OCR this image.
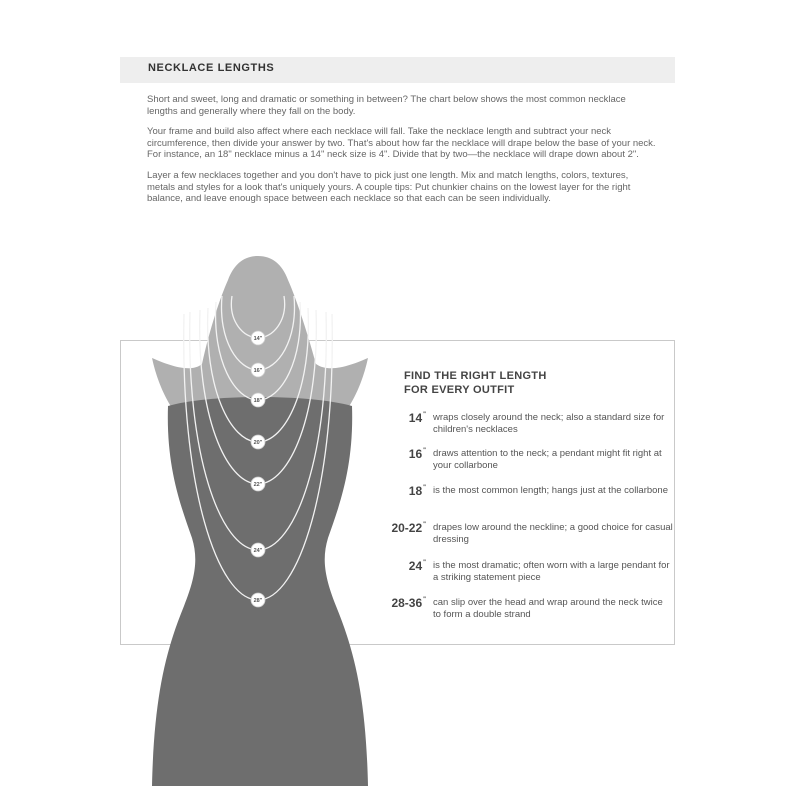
NECKLACE LENGTHS

Short and sweet, long and dramatic or something in between? The chart below shows the most common necklace lengths and generally where they fall on the body.

Your frame and build also affect where each necklace will fall. Take the necklace length and subtract your neck circumference, then divide your answer by two. That's about how far the necklace will drape below the base of your neck. For instance, an 18" necklace minus a 14" neck size is 4". Divide that by two—the necklace will drape down about 2".

Layer a few necklaces together and you don't have to pick just one length. Mix and match lengths, colors, textures, metals and styles for a look that's uniquely yours. A couple tips: Put chunkier chains on the lowest layer for the right balance, and leave enough space between each necklace so that each can be seen individually.

14"
16"
18"
20"
22"
24"
28"
FIND THE RIGHT LENGTH
FOR EVERY OUTFIT
14" wraps closely around the neck; also a standard size for children's necklaces
16" draws attention to the neck; a pendant might fit right at your collarbone
18" is the most common length; hangs just at the collarbone
20-22" drapes low around the neckline; a good choice for casual dressing
24" is the most dramatic; often worn with a large pendant for a striking statement piece
28-36" can slip over the head and wrap around the neck twice to form a double strand
